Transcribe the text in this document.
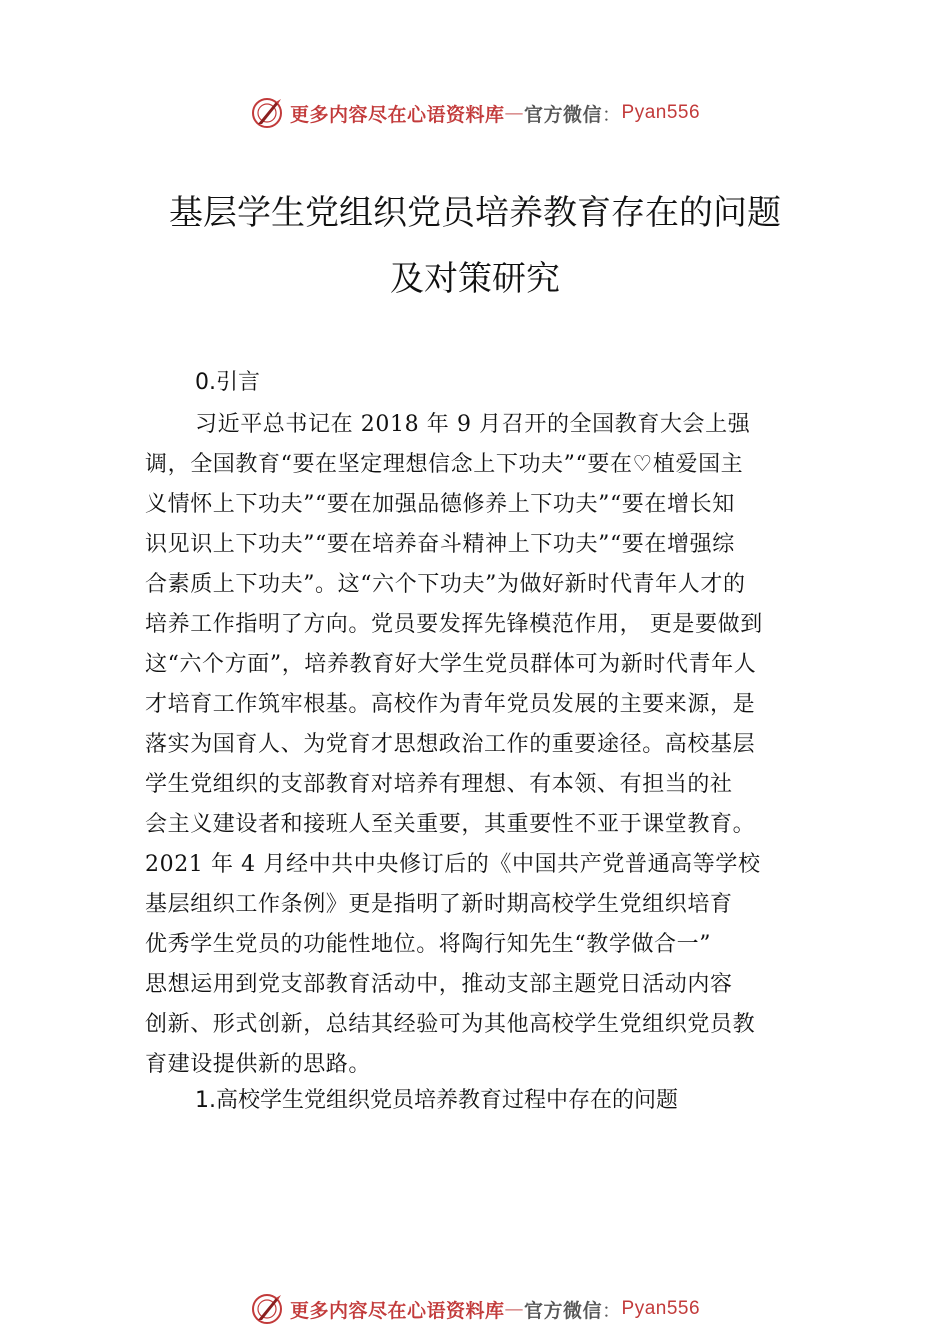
更多内容尽在心语资料库 — 官方微信 ： Pyan556
基层学生党组织党员培养教育存在的问题
及对策研究
0.引言
习近平总书记在 2018 年 9 月召开的全国教育大会上强
调，全国教育“要在坚定理想信念上下功夫”“要在♡植爱国主
义情怀上下功夫”“要在加强品德修养上下功夫”“要在增长知
识见识上下功夫”“要在培养奋斗精神上下功夫”“要在增强综
合素质上下功夫”。这“六个下功夫”为做好新时代青年人才的
培养工作指明了方向。党员要发挥先锋模范作用， 更是要做到
这“六个方面”，培养教育好大学生党员群体可为新时代青年人
才培育工作筑牢根基。高校作为青年党员发展的主要来源，是
落实为国育人、为党育才思想政治工作的重要途径。高校基层
学生党组织的支部教育对培养有理想、有本领、有担当的社
会主义建设者和接班人至关重要，其重要性不亚于课堂教育。
2021 年 4 月经中共中央修订后的《中国共产党普通高等学校
基层组织工作条例》更是指明了新时期高校学生党组织培育
优秀学生党员的功能性地位。将陶行知先生“教学做合一”
思想运用到党支部教育活动中，推动支部主题党日活动内容
创新、形式创新，总结其经验可为其他高校学生党组织党员教
育建设提供新的思路。
1.高校学生党组织党员培养教育过程中存在的问题
更多内容尽在心语资料库 — 官方微信 ： Pyan556
